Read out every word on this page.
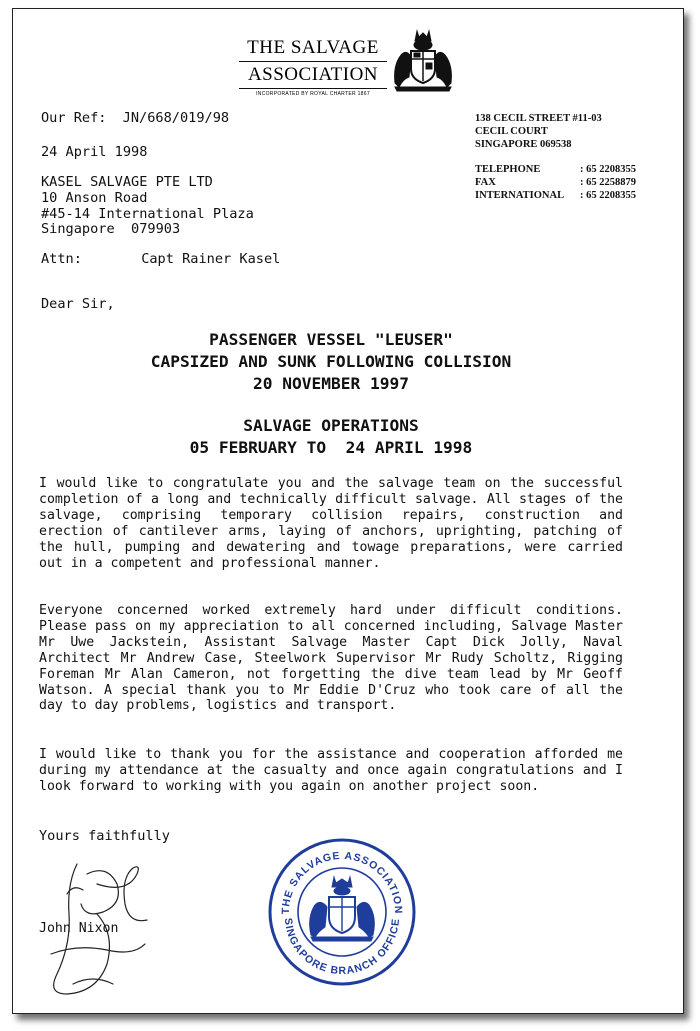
THE SALVAGE
ASSOCIATION
INCORPORATED BY ROYAL CHARTER 1867
138 CECIL STREET #11-03
CECIL COURT
SINGAPORE 069538
TELEPHONE	: 65 2208355
FAX	: 65 2258879
INTERNATIONAL	: 65 2208355
Our Ref: JN/668/019/98
24 April 1998
KASEL SALVAGE PTE LTD
10 Anson Road
#45-14 International Plaza
Singapore  079903
Attn:	Capt Rainer Kasel
Dear Sir,
PASSENGER VESSEL "LEUSER"
CAPSIZED AND SUNK FOLLOWING COLLISION
20 NOVEMBER 1997
SALVAGE OPERATIONS
05 FEBRUARY TO  24 APRIL 1998
I would like to congratulate you and the salvage team on the successful completion of a long and technically difficult salvage. All stages of the salvage, comprising temporary collision repairs, construction and erection of cantilever arms, laying of anchors, uprighting, patching of the hull, pumping and dewatering and towage preparations, were carried out in a competent and professional manner.
Everyone concerned worked extremely hard under difficult conditions. Please pass on my appreciation to all concerned including, Salvage Master Mr Uwe Jackstein, Assistant Salvage Master Capt Dick Jolly, Naval Architect Mr Andrew Case, Steelwork Supervisor Mr Rudy Scholtz, Rigging Foreman Mr Alan Cameron, not forgetting the dive team lead by Mr Geoff Watson. A special thank you to Mr Eddie D'Cruz who took care of all the day to day problems, logistics and transport.
I would like to thank you for the assistance and cooperation afforded me during my attendance at the casualty and once again congratulations and I look forward to working with you again on another project soon.
Yours faithfully
John Nixon
THE SALVAGE ASSOCIATION
SINGAPORE BRANCH OFFICE
